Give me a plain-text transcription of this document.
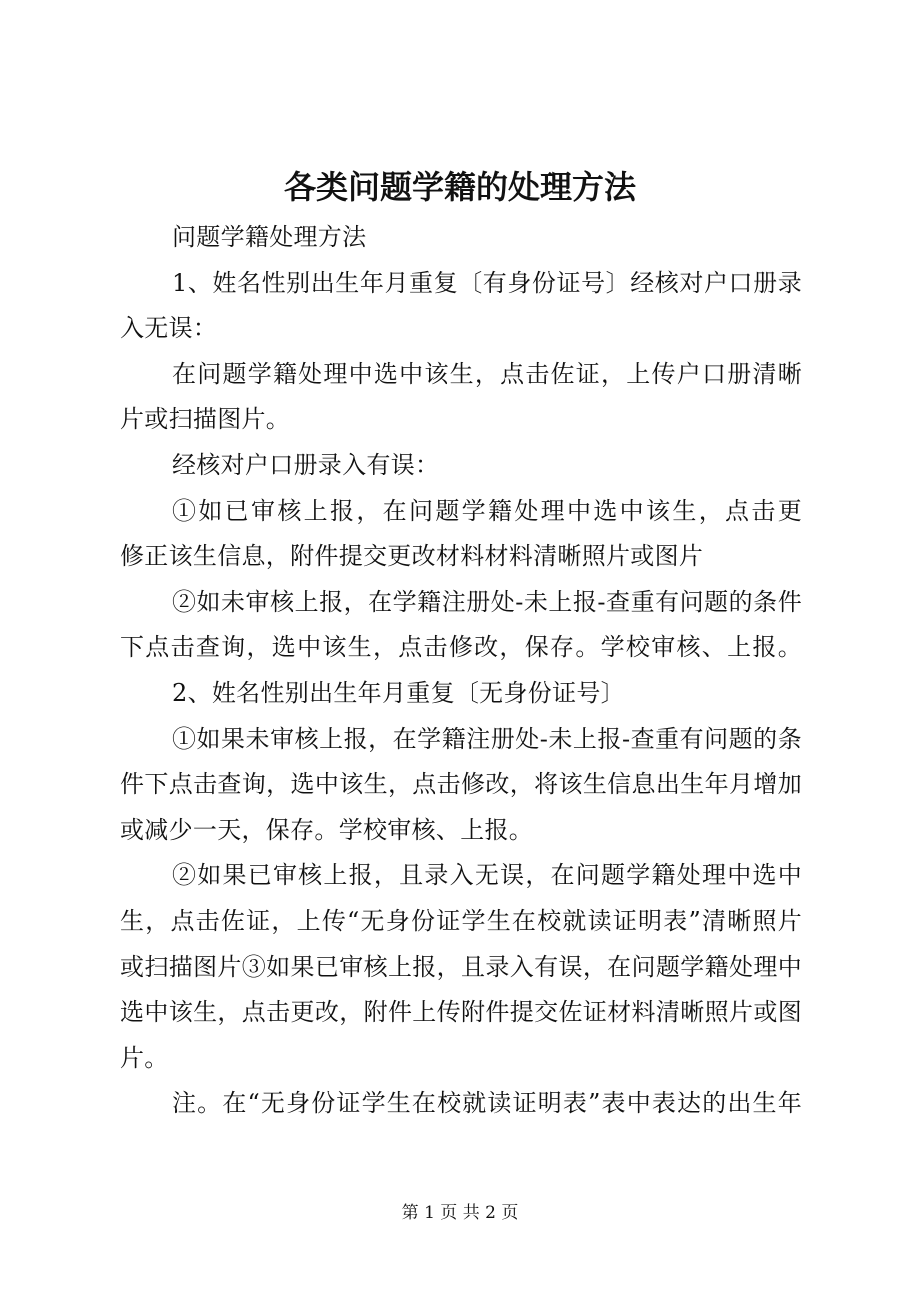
各类问题学籍的处理方法
问题学籍处理方法
1、姓名性别出生年月重复〔有身份证号〕经核对户口册录
入无误：
在问题学籍处理中选中该生，点击佐证，上传户口册清晰
片或扫描图片。
经核对户口册录入有误：
①如已审核上报，在问题学籍处理中选中该生，点击更
修正该生信息，附件提交更改材料材料清晰照片或图片
②如未审核上报，在学籍注册处-未上报-查重有问题的条件
下点击查询，选中该生，点击修改，保存。学校审核、上报。
2、姓名性别出生年月重复〔无身份证号〕
①如果未审核上报，在学籍注册处-未上报-查重有问题的条
件下点击查询，选中该生，点击修改，将该生信息出生年月增加
或减少一天，保存。学校审核、上报。
②如果已审核上报，且录入无误，在问题学籍处理中选中
生，点击佐证，上传“无身份证学生在校就读证明表”清晰照片
或扫描图片③如果已审核上报，且录入有误，在问题学籍处理中
选中该生，点击更改，附件上传附件提交佐证材料清晰照片或图
片。
注。在“无身份证学生在校就读证明表”表中表达的出生年
第 1 页 共 2 页
